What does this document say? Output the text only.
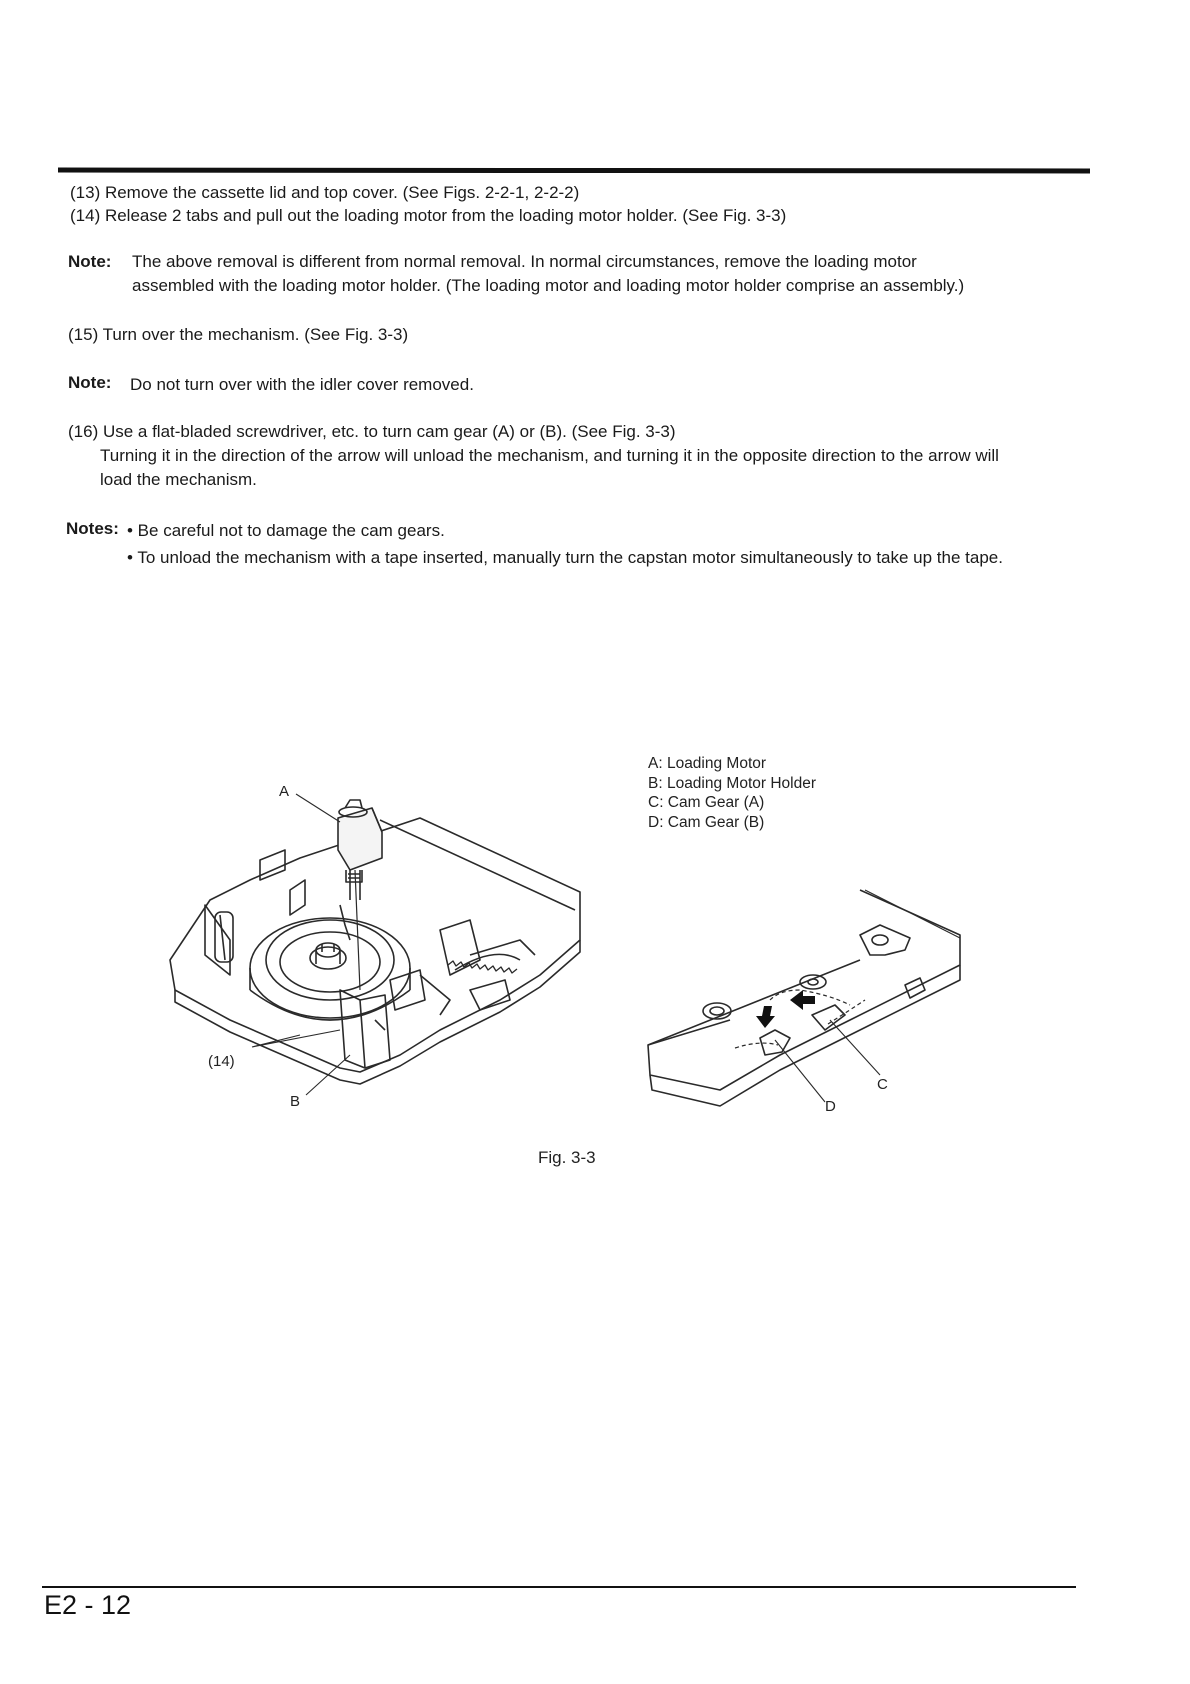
(13) Remove the cassette lid and top cover. (See Figs. 2-2-1, 2-2-2)
(14) Release 2 tabs and pull out the loading motor from the loading motor holder. (See Fig. 3-3)
Note: The above removal is different from normal removal. In normal circumstances, remove the loading motor
assembled with the loading motor holder. (The loading motor and loading motor holder comprise an assembly.)
(15) Turn over the mechanism. (See Fig. 3-3)
Note: Do not turn over with the idler cover removed.
(16) Use a flat-bladed screwdriver, etc. to turn cam gear (A) or (B). (See Fig. 3-3)
Turning it in the direction of the arrow will unload the mechanism, and turning it in the opposite direction to the arrow will
load the mechanism.
Notes: • Be careful not to damage the cam gears.
• To unload the mechanism with a tape inserted, manually turn the capstan motor simultaneously to take up the tape.
A
(14)
B
C
D
A: Loading Motor
B: Loading Motor Holder
C: Cam Gear (A)
D: Cam Gear (B)
Fig. 3-3
E2 - 12
